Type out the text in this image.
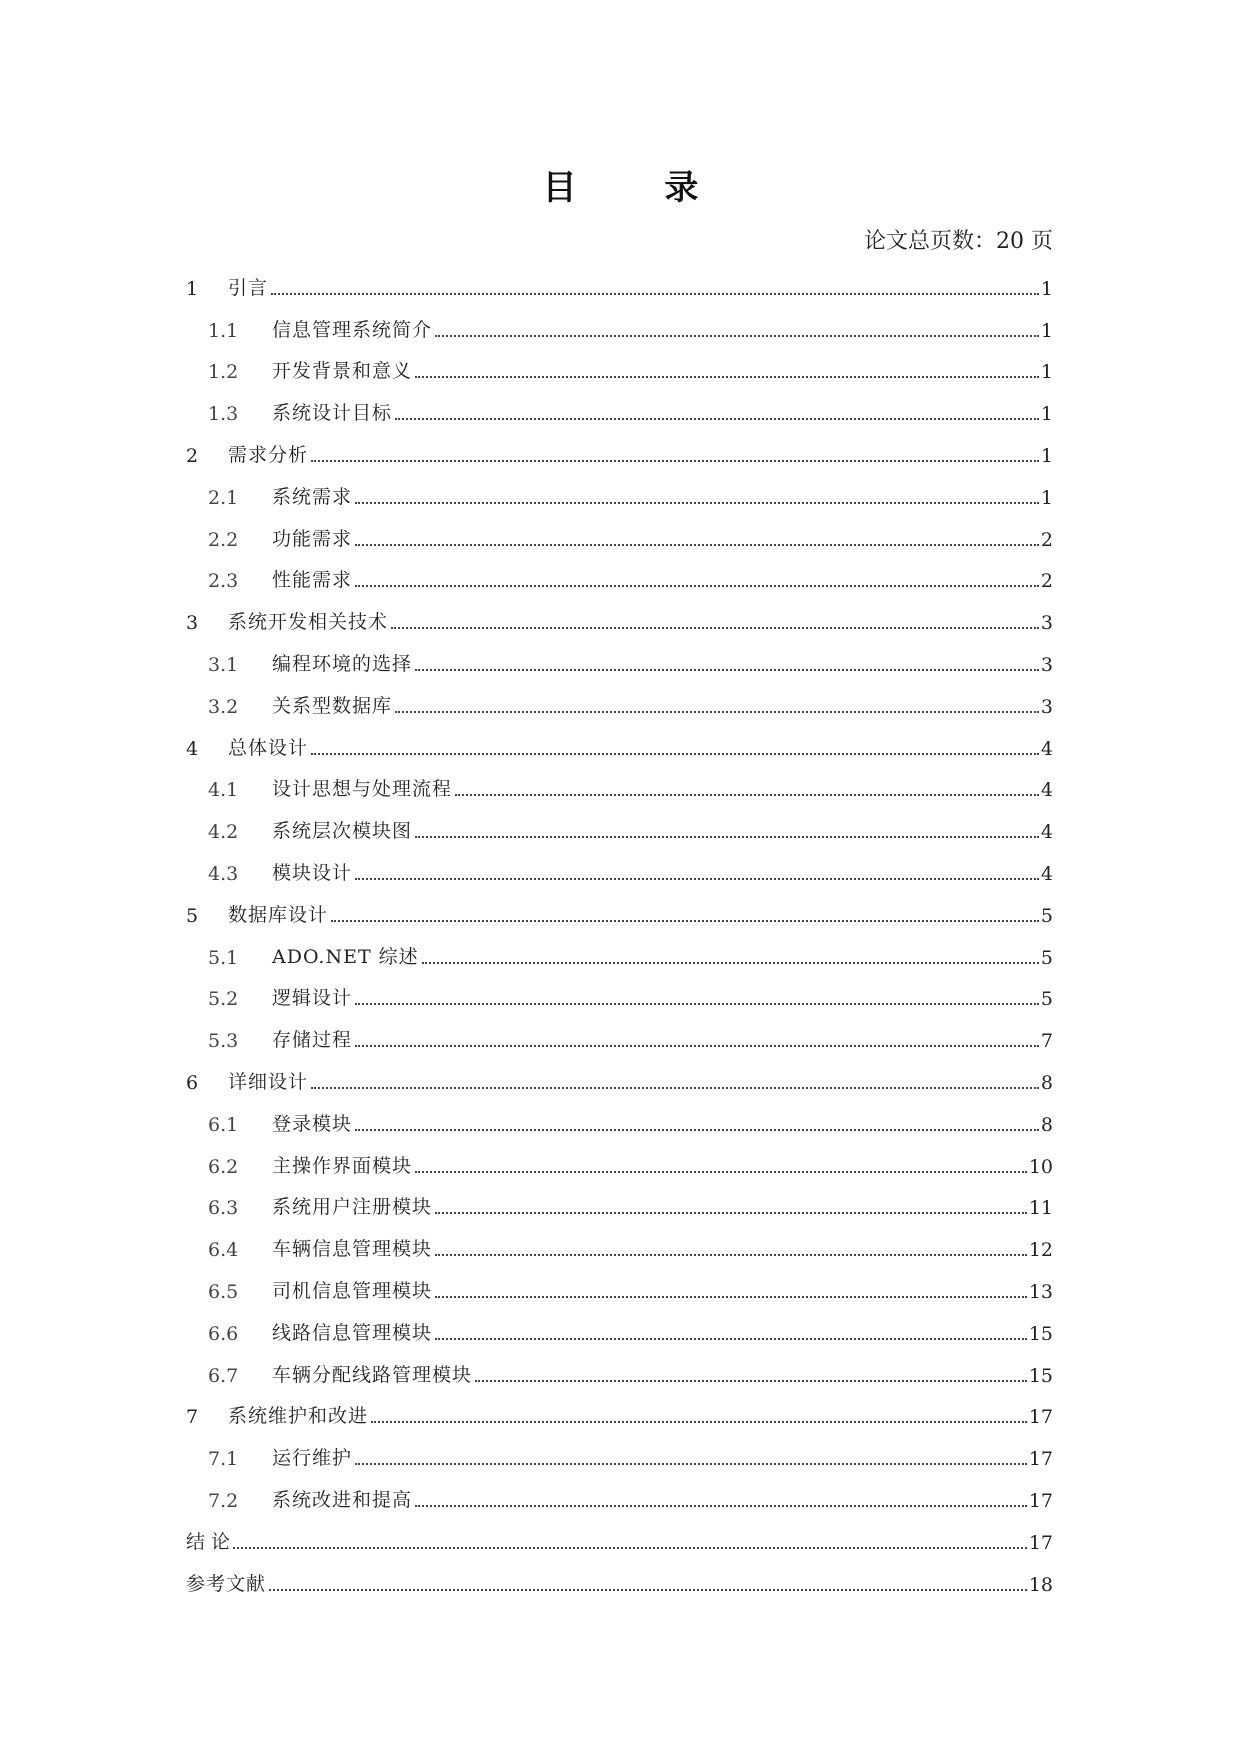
目 录
论文总页数：20 页
1	引言	1
1.1	信息管理系统简介	1
1.2	开发背景和意义	1
1.3	系统设计目标	1
2	需求分析	1
2.1	系统需求	1
2.2	功能需求	2
2.3	性能需求	2
3	系统开发相关技术	3
3.1	编程环境的选择	3
3.2	关系型数据库	3
4	总体设计	4
4.1	设计思想与处理流程	4
4.2	系统层次模块图	4
4.3	模块设计	4
5	数据库设计	5
5.1	ADO.NET 综述	5
5.2	逻辑设计	5
5.3	存储过程	7
6	详细设计	8
6.1	登录模块	8
6.2	主操作界面模块	10
6.3	系统用户注册模块	11
6.4	车辆信息管理模块	12
6.5	司机信息管理模块	13
6.6	线路信息管理模块	15
6.7	车辆分配线路管理模块	15
7	系统维护和改进	17
7.1	运行维护	17
7.2	系统改进和提高	17
结 论	17
参考文献	18
